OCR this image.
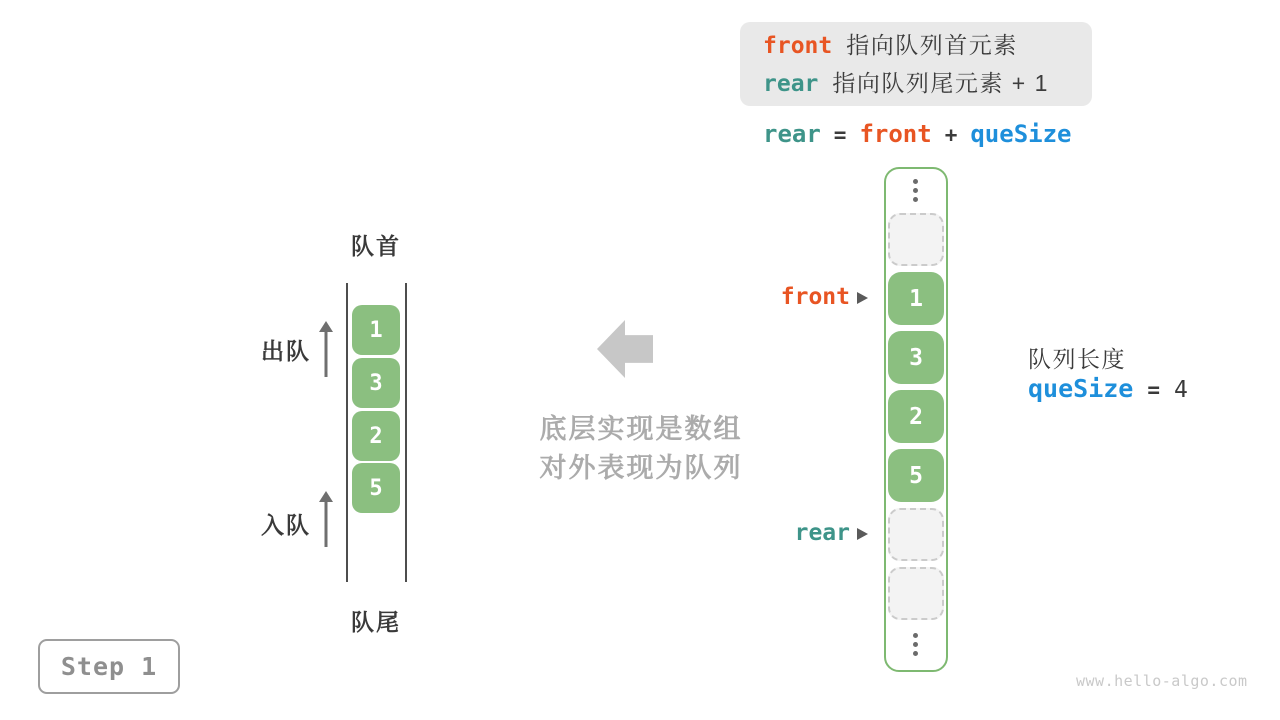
front 指向队列首元素
rear 指向队列尾元素 + 1
rear = front + queSize
队首
1
3
2
5
出队
入队
队尾
底层实现是数组
对外表现为队列
1
3
2
5
front
rear
队列长度
queSize = 4
Step 1	www.hello-algo.com
